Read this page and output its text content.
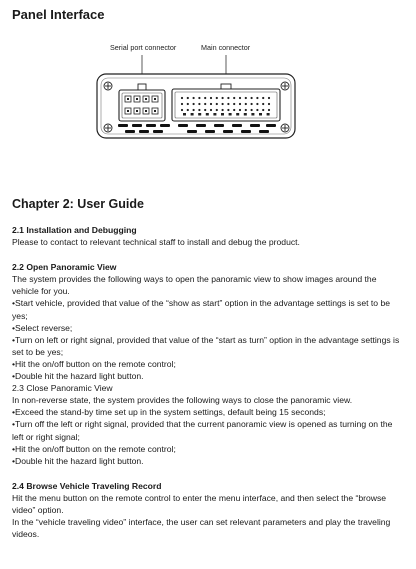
Panel Interface
Serial port connector	Main connector
Chapter 2: User Guide
2.1 Installation and Debugging

Please to contact to relevant technical staff to install and debug the product.

2.2 Open Panoramic View

The system provides the following ways to open the panoramic view to show images around the vehicle for you.

•Start vehicle, provided that value of the “show as start” option in the advantage settings is set to be yes;

•Select reverse;

•Turn on left or right signal, provided that value of the “start as turn” option in the advantage settings is set to be yes;

•Hit the on/off button on the remote control;

•Double hit the hazard light button.

2.3 Close Panoramic View

In non-reverse state, the system provides the following ways to close the panoramic view.

•Exceed the stand-by time set up in the system settings, default being 15 seconds;

•Turn off the left or right signal, provided that the current panoramic view is opened as turning on the left or right signal;

•Hit the on/off button on the remote control;

•Double hit the hazard light button.

2.4 Browse Vehicle Traveling Record

Hit the menu button on the remote control to enter the menu interface, and then select the “browse video” option.

In the “vehicle traveling video” interface, the user can set relevant parameters and play the traveling videos.
